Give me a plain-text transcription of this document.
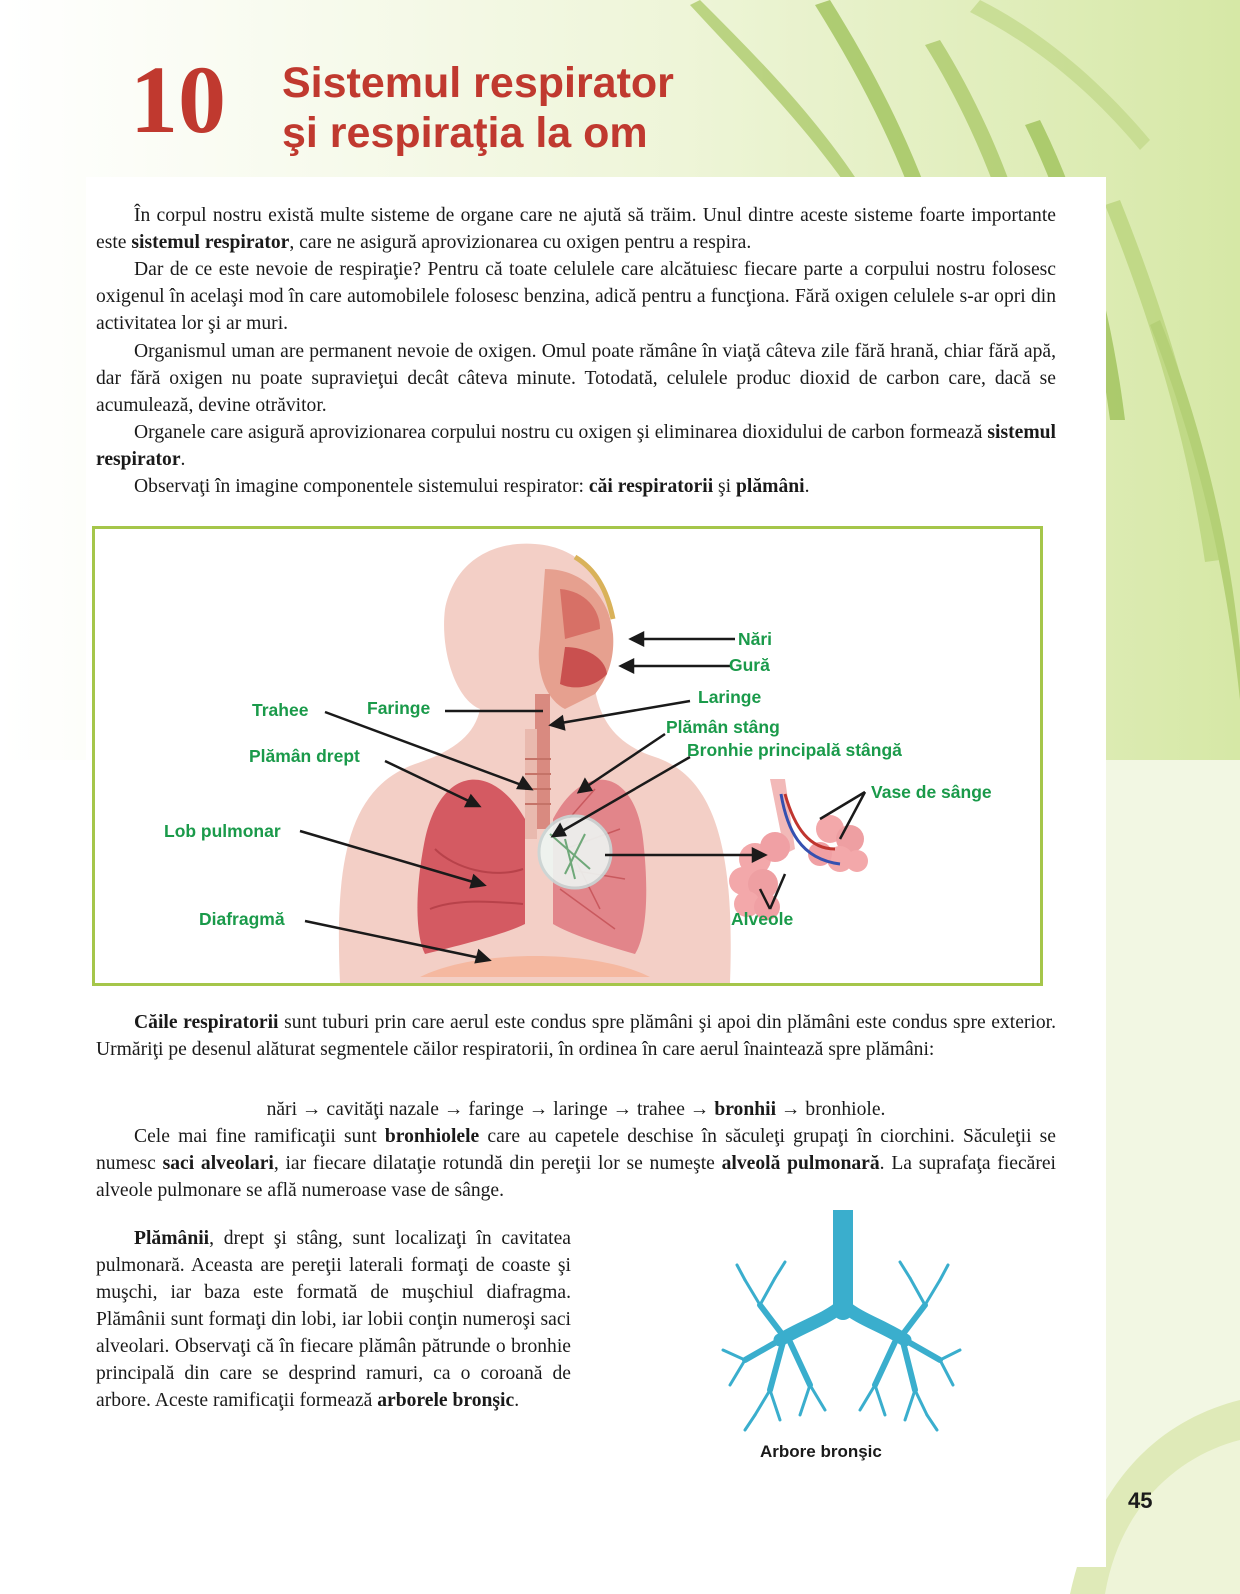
10 Sistemul respirator
şi respiraţia la om

În corpul nostru există multe sisteme de organe care ne ajută să trăim. Unul dintre aceste sisteme foarte importante este sistemul respirator, care ne asigură aprovizionarea cu oxigen pentru a respira.

Dar de ce este nevoie de respiraţie? Pentru că toate celulele care alcătuiesc fiecare parte a corpului nostru folosesc oxigenul în acelaşi mod în care automobilele folosesc benzina, adică pentru a funcţiona. Fără oxigen celulele s-ar opri din activitatea lor şi ar muri.

Organismul uman are permanent nevoie de oxigen. Omul poate rămâne în viaţă câteva zile fără hrană, chiar fără apă, dar fără oxigen nu poate supravieţui decât câteva minute. Totodată, celulele produc dioxid de carbon care, dacă se acumulează, devine otrăvitor.

Organele care asigură aprovizionarea corpului nostru cu oxigen şi eliminarea dioxidului de carbon formează sistemul respirator.

Observaţi în imagine componentele sistemului respirator: căi respiratorii şi plămâni.

Nări
Gură
Laringe
Trahee	Faringe
Plămân stâng
Bronhie principală stângă
Plămân drept
Vase de sânge
Lob pulmonar
Diafragmă	Alveole

Căile respiratorii sunt tuburi prin care aerul este condus spre plămâni şi apoi din plămâni este condus spre exterior. Urmăriţi pe desenul alăturat segmentele căilor respiratorii, în ordinea în care aerul înaintează spre plămâni:

nări → cavităţi nazale → faringe → laringe → trahee → bronhii → bronhiole.

Cele mai fine ramificaţii sunt bronhiolele care au capetele deschise în săculeţi grupaţi în ciorchini. Săculeţii se numesc saci alveolari, iar fiecare dilataţie rotundă din pereţii lor se numeşte alveolă pulmonară. La suprafaţa fiecărei alveole pulmonare se află numeroase vase de sânge.

Plămânii, drept şi stâng, sunt localizaţi în cavitatea pulmonară. Aceasta are pereţii laterali formaţi de coaste şi muşchi, iar baza este formată de muşchiul diafragma. Plămânii sunt formaţi din lobi, iar lobii conţin numeroşi saci alveolari. Observaţi că în fiecare plămân pătrunde o bronhie principală din care se desprind ramuri, ca o coroană de arbore. Aceste ramificaţii formează arborele bronşic.

Arbore bronşic
45
